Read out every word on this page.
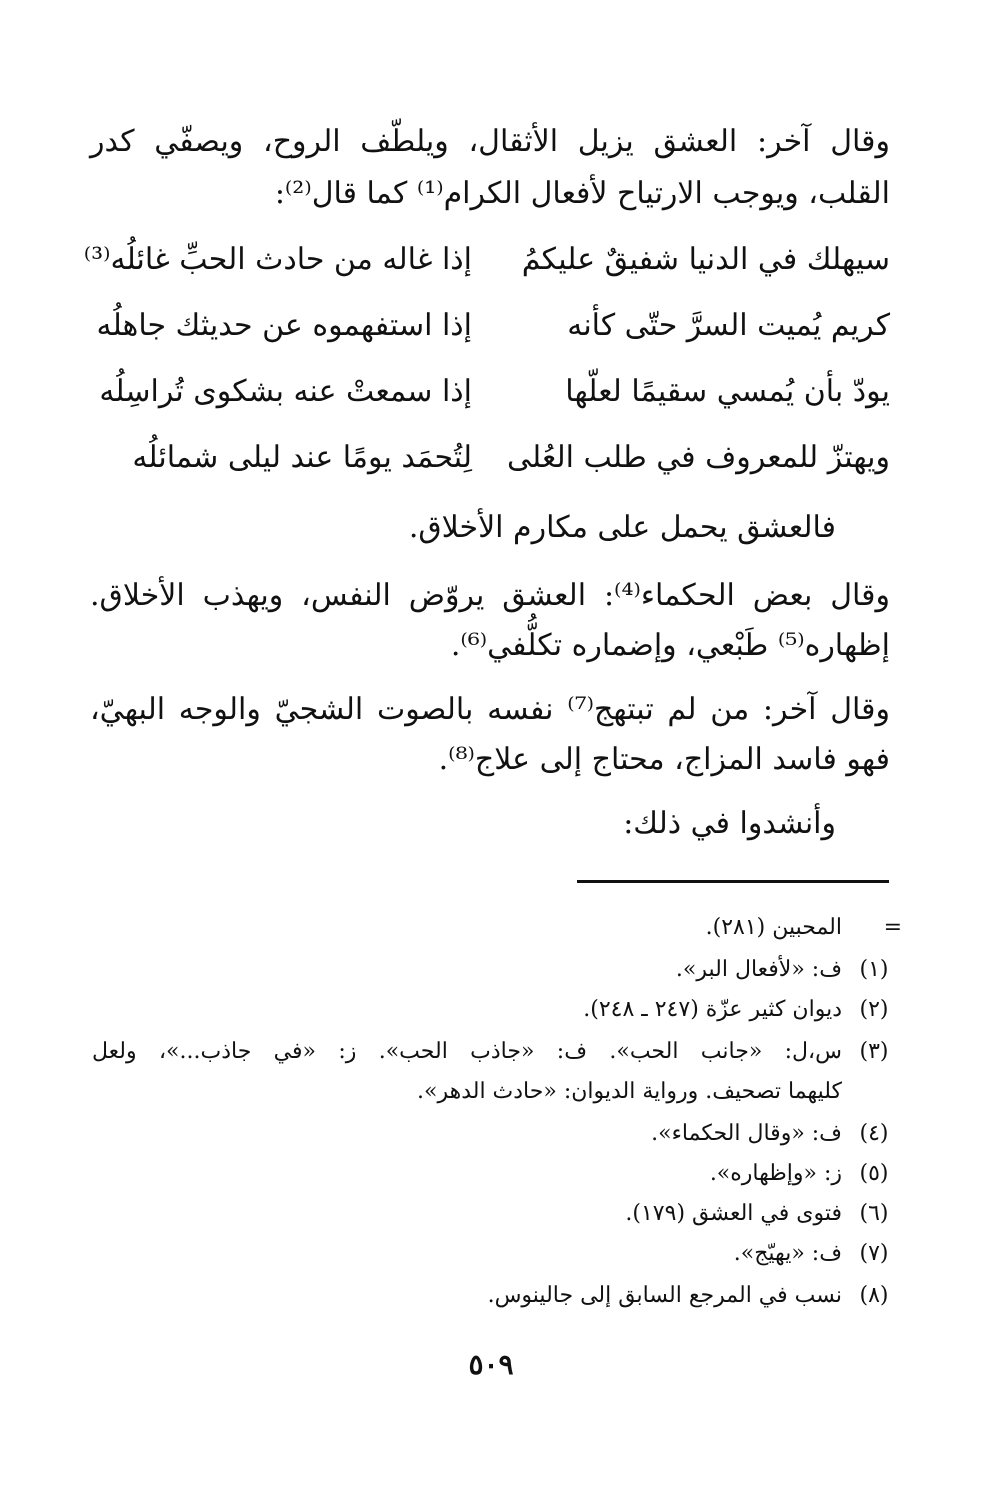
وقال آخر: العشق يزيل الأثقال، ويلطّف الروح، ويصفّي كدر
القلب، ويوجب الارتياح لأفعال الكرام⁽¹⁾ كما قال⁽²⁾:
سيهلك في الدنيا شفيقٌ عليكمُ
إذا غاله من حادث الحبِّ غائلُه⁽³⁾
كريم يُميت السرَّ حتّى كأنه
إذا استفهموه عن حديثك جاهلُه
يودّ بأن يُمسي سقيمًا لعلّها
إذا سمعتْ عنه بشكوى تُراسِلُه
ويهتزّ للمعروف في طلب العُلى
لِتُحمَد يومًا عند ليلى شمائلُه
فالعشق يحمل على مكارم الأخلاق.
وقال بعض الحكماء⁽⁴⁾: العشق يروّض النفس، ويهذب الأخلاق.
إظهاره⁽⁵⁾ طَبْعي، وإضماره تكلُّفي⁽⁶⁾.
وقال آخر: من لم تبتهج⁽⁷⁾ نفسه بالصوت الشجيّ والوجه البهيّ،
فهو فاسد المزاج، محتاج إلى علاج⁽⁸⁾.
وأنشدوا في ذلك:
=
المحبين (٢٨١).
(١)
ف: «لأفعال البر».
(٢)
ديوان كثير عزّة (٢٤٧ ـ ٢٤٨).
(٣)
س،ل: «جانب الحب». ف: «جاذب الحب». ز: «في جاذب...»، ولعل
كليهما تصحيف. ورواية الديوان: «حادث الدهر».
(٤)
ف: «وقال الحكماء».
(٥)
ز: «وإظهاره».
(٦)
فتوى في العشق (١٧٩).
(٧)
ف: «يهيّج».
(٨)
نسب في المرجع السابق إلى جالينوس.
٥٠٩
